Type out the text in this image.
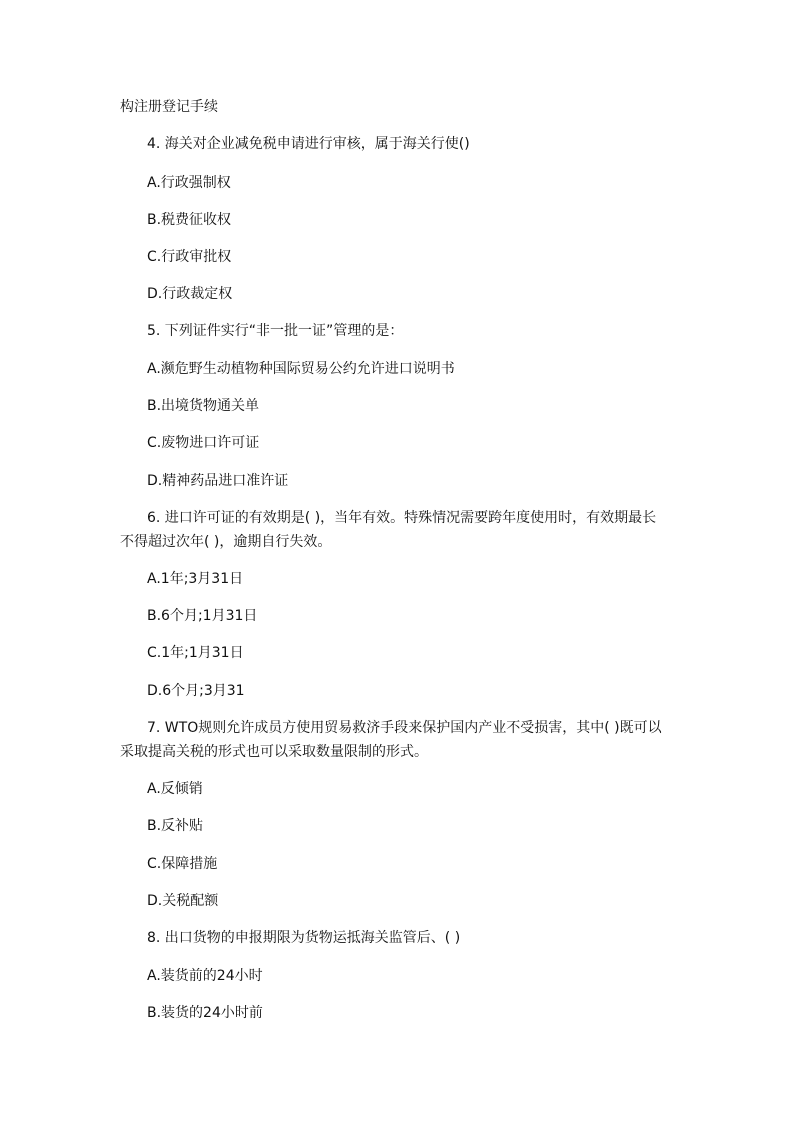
构注册登记手续
4. 海关对企业减免税申请进行审核，属于海关行使()
A.行政强制权
B.税费征收权
C.行政审批权
D.行政裁定权
5. 下列证件实行“非一批一证”管理的是：
A.濒危野生动植物种国际贸易公约允许进口说明书
B.出境货物通关单
C.废物进口许可证
D.精神药品进口准许证
6. 进口许可证的有效期是( )，当年有效。特殊情况需要跨年度使用时，有效期最长
不得超过次年( )，逾期自行失效。
A.1年;3月31日
B.6个月;1月31日
C.1年;1月31日
D.6个月;3月31
7. WTO规则允许成员方使用贸易救济手段来保护国内产业不受损害，其中( )既可以
采取提高关税的形式也可以采取数量限制的形式。
A.反倾销
B.反补贴
C.保障措施
D.关税配额
8. 出口货物的申报期限为货物运抵海关监管后、( )
A.装货前的24小时
B.装货的24小时前
